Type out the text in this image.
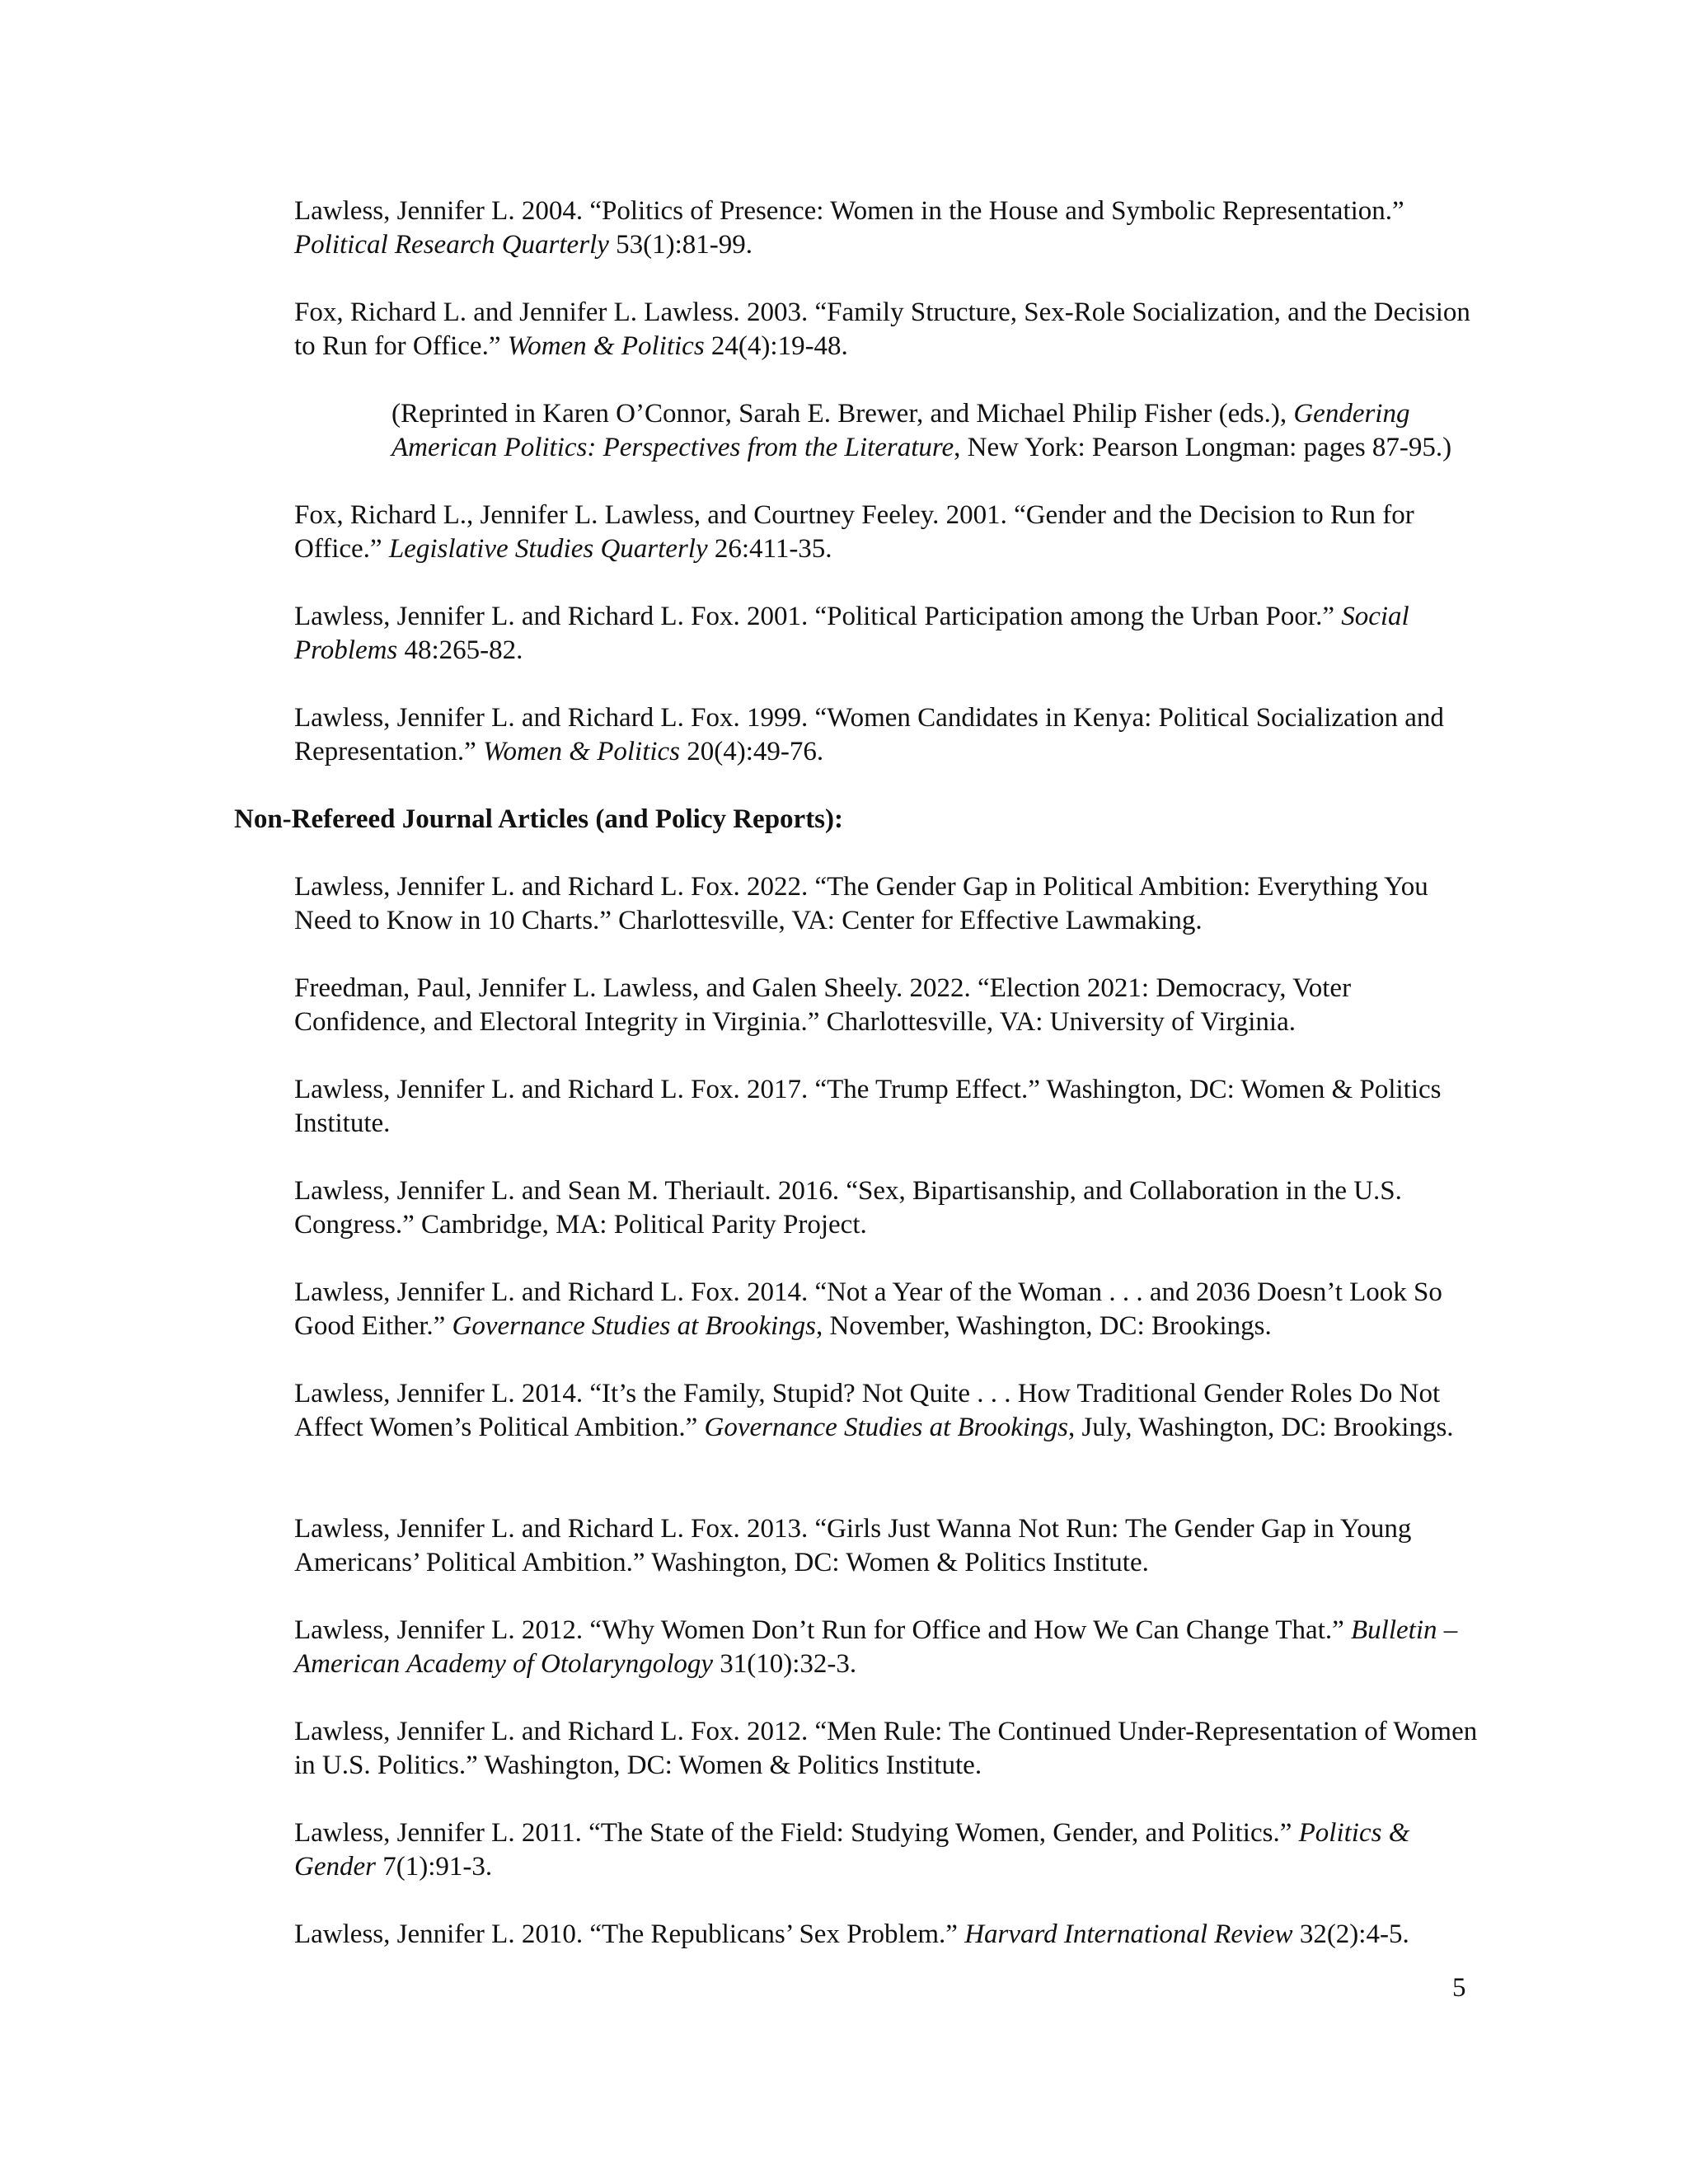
Lawless, Jennifer L. 2004. “Politics of Presence: Women in the House and Symbolic Representation.” Political Research Quarterly 53(1):81-99.

Fox, Richard L. and Jennifer L. Lawless. 2003. “Family Structure, Sex-Role Socialization, and the Decision to Run for Office.” Women & Politics 24(4):19-48.

(Reprinted in Karen O’Connor, Sarah E. Brewer, and Michael Philip Fisher (eds.), Gendering American Politics: Perspectives from the Literature, New York: Pearson Longman: pages 87-95.)

Fox, Richard L., Jennifer L. Lawless, and Courtney Feeley. 2001. “Gender and the Decision to Run for Office.” Legislative Studies Quarterly 26:411-35.

Lawless, Jennifer L. and Richard L. Fox. 2001. “Political Participation among the Urban Poor.” Social Problems 48:265-82.

Lawless, Jennifer L. and Richard L. Fox. 1999. “Women Candidates in Kenya: Political Socialization and Representation.” Women & Politics 20(4):49-76.

Non-Refereed Journal Articles (and Policy Reports):

Lawless, Jennifer L. and Richard L. Fox. 2022. “The Gender Gap in Political Ambition: Everything You Need to Know in 10 Charts.” Charlottesville, VA: Center for Effective Lawmaking.

Freedman, Paul, Jennifer L. Lawless, and Galen Sheely. 2022. “Election 2021: Democracy, Voter Confidence, and Electoral Integrity in Virginia.” Charlottesville, VA: University of Virginia.

Lawless, Jennifer L. and Richard L. Fox. 2017. “The Trump Effect.” Washington, DC: Women & Politics Institute.

Lawless, Jennifer L. and Sean M. Theriault. 2016. “Sex, Bipartisanship, and Collaboration in the U.S. Congress.” Cambridge, MA: Political Parity Project.

Lawless, Jennifer L. and Richard L. Fox. 2014. “Not a Year of the Woman . . . and 2036 Doesn’t Look So Good Either.” Governance Studies at Brookings, November, Washington, DC: Brookings.

Lawless, Jennifer L. 2014. “It’s the Family, Stupid? Not Quite . . . How Traditional Gender Roles Do Not Affect Women’s Political Ambition.” Governance Studies at Brookings, July, Washington, DC: Brookings.

Lawless, Jennifer L. and Richard L. Fox. 2013. “Girls Just Wanna Not Run: The Gender Gap in Young Americans’ Political Ambition.” Washington, DC: Women & Politics Institute.

Lawless, Jennifer L. 2012. “Why Women Don’t Run for Office and How We Can Change That.” Bulletin – American Academy of Otolaryngology 31(10):32-3.

Lawless, Jennifer L. and Richard L. Fox. 2012. “Men Rule: The Continued Under-Representation of Women in U.S. Politics.” Washington, DC: Women & Politics Institute.

Lawless, Jennifer L. 2011. “The State of the Field: Studying Women, Gender, and Politics.” Politics & Gender 7(1):91-3.

Lawless, Jennifer L. 2010. “The Republicans’ Sex Problem.” Harvard International Review 32(2):4-5.

5
